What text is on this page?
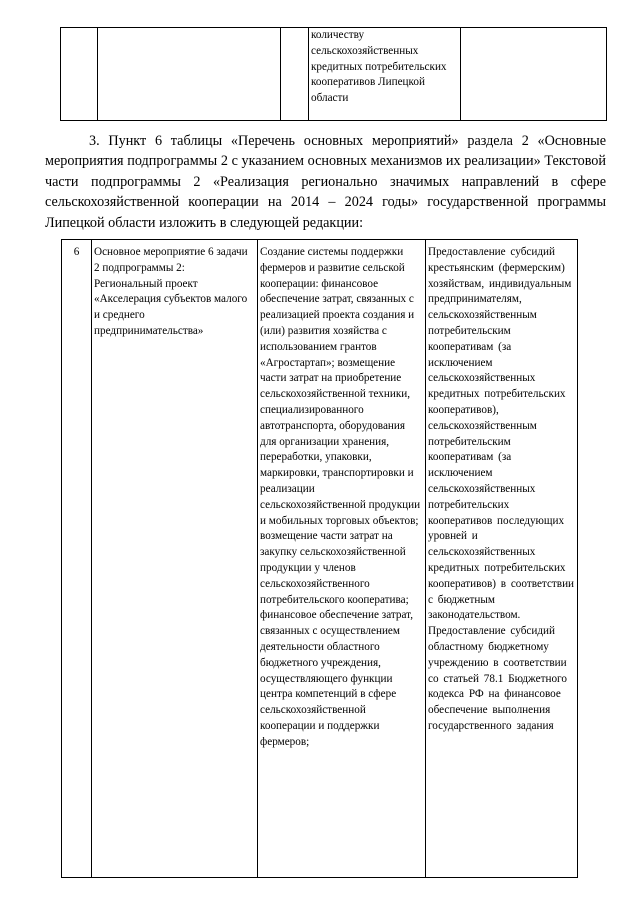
			количеству сельскохозяйственных кредитных потребительских кооперативов Липецкой области	

3. Пункт 6 таблицы «Перечень основных мероприятий» раздела 2 «Основные мероприятия подпрограммы 2 с указанием основных механизмов их реализации» Текстовой части подпрограммы 2 «Реализация регионально значимых направлений в сфере сельскохозяйственной кооперации на 2014 – 2024 годы» государственной программы Липецкой области изложить в следующей редакции:

6	Основное мероприятие 6 задачи 2 подпрограммы 2: Региональный проект «Акселерация субъектов малого и среднего предпринимательства»	Создание системы поддержки фермеров и развитие сельской кооперации: финансовое обеспечение затрат, связанных с реализацией проекта создания и (или) развития хозяйства с использованием грантов «Агростартап»; возмещение части затрат на приобретение сельскохозяйственной техники, специализированного автотранспорта, оборудования для организации хранения, переработки, упаковки, маркировки, транспортировки и реализации сельскохозяйственной продукции и мобильных торговых объектов; возмещение части затрат на закупку сельскохозяйственной продукции у членов сельскохозяйственного потребительского кооператива; финансовое обеспечение затрат, связанных с осуществлением деятельности областного бюджетного учреждения, осуществляющего функции центра компетенций в сфере сельскохозяйственной кооперации и поддержки фермеров;	Предоставление субсидий крестьянским (фермерским) хозяйствам, индивидуальным предпринимателям, сельскохозяйственным потребительским кооперативам (за исключением сельскохозяйственных кредитных потребительских кооперативов), сельскохозяйственным потребительским кооперативам (за исключением сельскохозяйственных потребительских кооперативов последующих уровней и сельскохозяйственных кредитных потребительских кооперативов) в соответствии с бюджетным законодательством. Предоставление субсидий областному бюджетному учреждению в соответствии со статьей 78.1 Бюджетного кодекса РФ на финансовое обеспечение выполнения государственного задания
